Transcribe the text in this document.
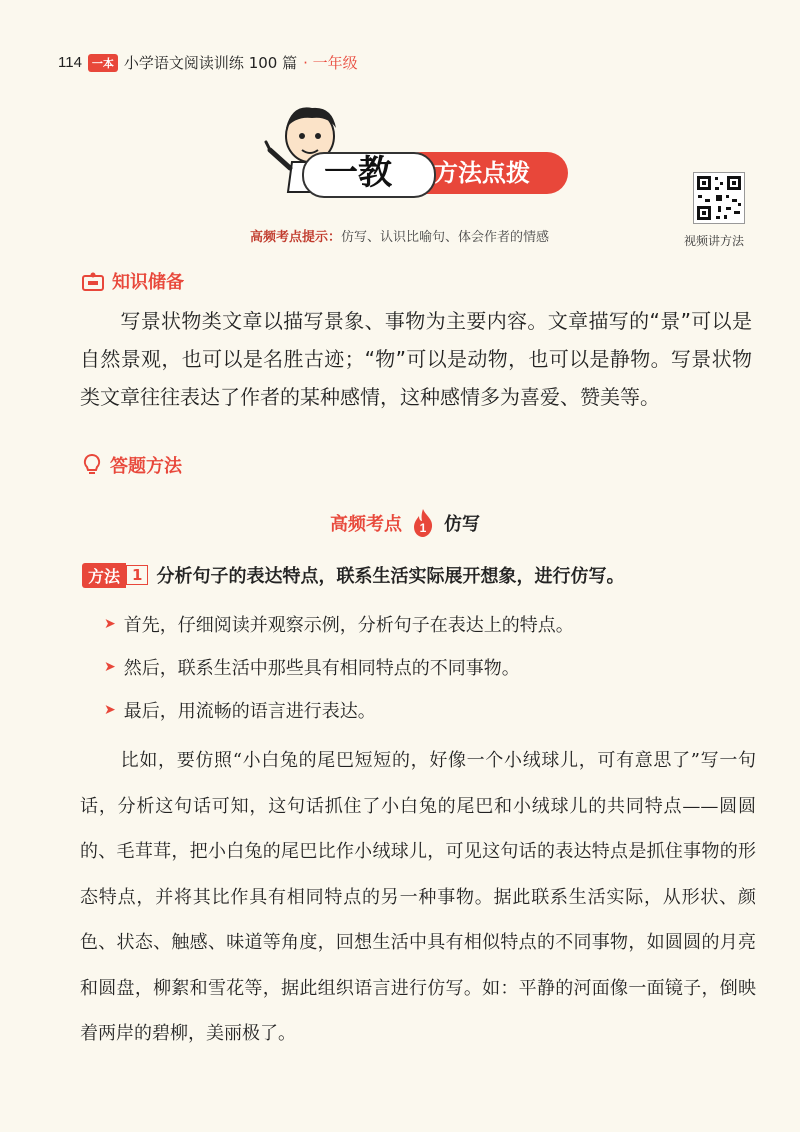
114 一本 小学语文阅读训练 100 篇 · 一年级
一教 方法点拨
高频考点提示：仿写、认识比喻句、体会作者的情感	视频讲方法
知识储备
写景状物类文章以描写景象、事物为主要内容。文章描写的“景”可以是自然景观，也可以是名胜古迹；“物”可以是动物，也可以是静物。写景状物类文章往往表达了作者的某种感情，这种感情多为喜爱、赞美等。
答题方法
高频考点 1 仿写
方法 1 分析句子的表达特点，联系生活实际展开想象，进行仿写。
➤ 首先，仔细阅读并观察示例，分析句子在表达上的特点。
➤ 然后，联系生活中那些具有相同特点的不同事物。
➤ 最后，用流畅的语言进行表达。
比如，要仿照“小白兔的尾巴短短的，好像一个小绒球儿，可有意思了”写一句话，分析这句话可知，这句话抓住了小白兔的尾巴和小绒球儿的共同特点——圆圆的、毛茸茸，把小白兔的尾巴比作小绒球儿，可见这句话的表达特点是抓住事物的形态特点，并将其比作具有相同特点的另一种事物。据此联系生活实际，从形状、颜色、状态、触感、味道等角度，回想生活中具有相似特点的不同事物，如圆圆的月亮和圆盘，柳絮和雪花等，据此组织语言进行仿写。如：平静的河面像一面镜子，倒映着两岸的碧柳，美丽极了。
